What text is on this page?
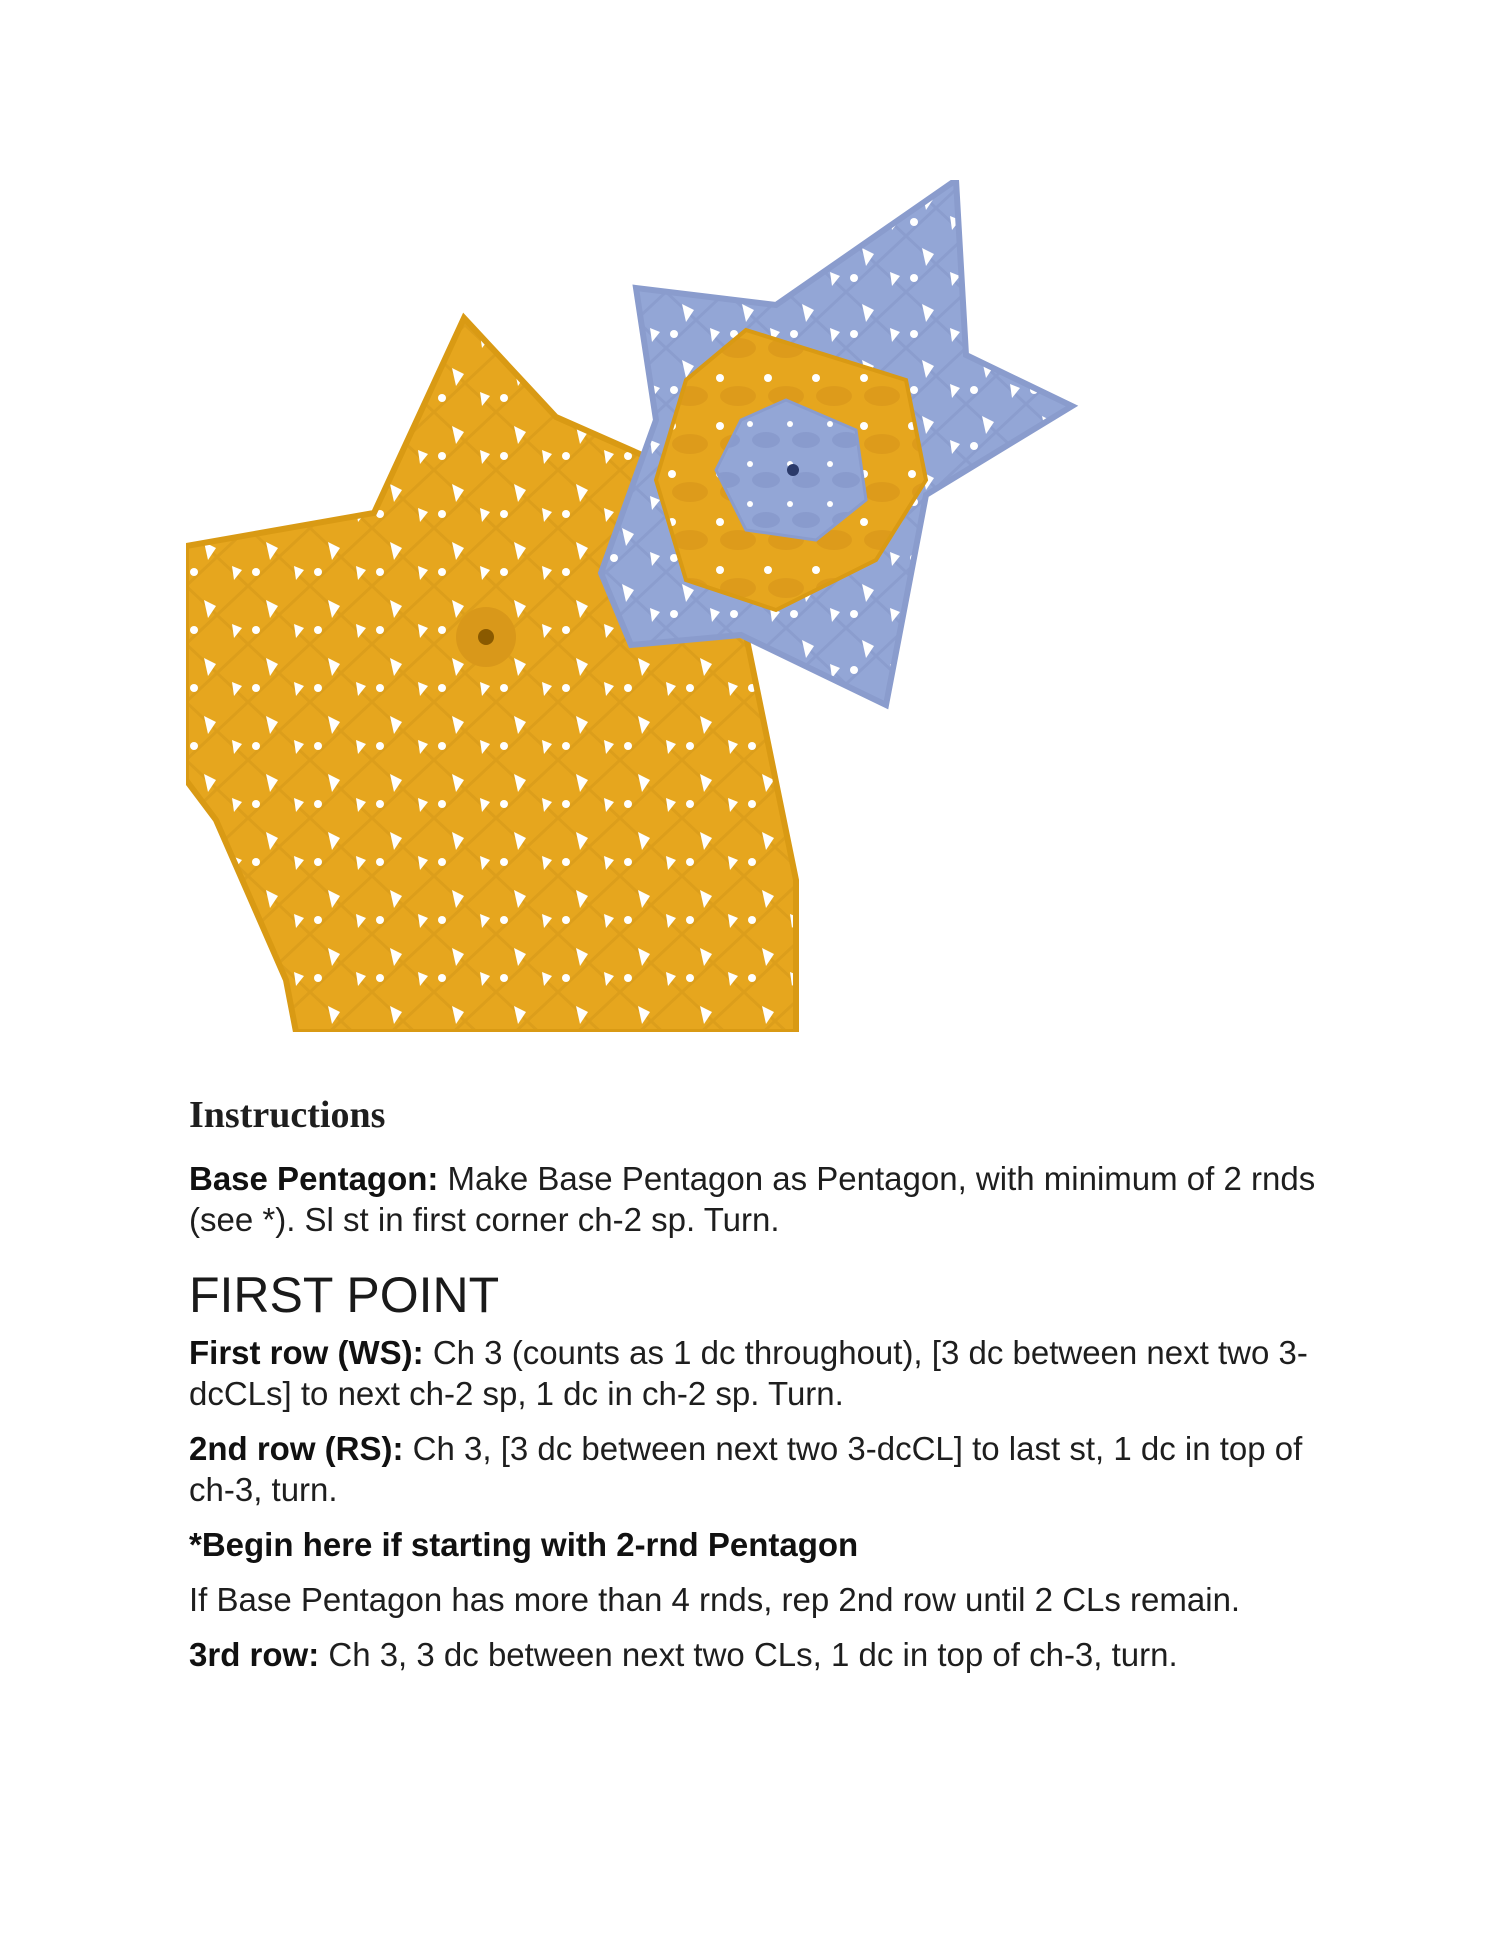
Instructions

Base Pentagon: Make Base Pentagon as Pentagon, with minimum of 2 rnds (see *). Sl st in first corner ch-2 sp. Turn.

FIRST POINT

First row (WS): Ch 3 (counts as 1 dc throughout), [3 dc between next two 3-dcCLs] to next ch-2 sp, 1 dc in ch-2 sp. Turn.

2nd row (RS): Ch 3, [3 dc between next two 3-dcCL] to last st, 1 dc in top of ch-3, turn.

*Begin here if starting with 2-rnd Pentagon

If Base Pentagon has more than 4 rnds, rep 2nd row until 2 CLs remain.

3rd row: Ch 3, 3 dc between next two CLs, 1 dc in top of ch-3, turn.
